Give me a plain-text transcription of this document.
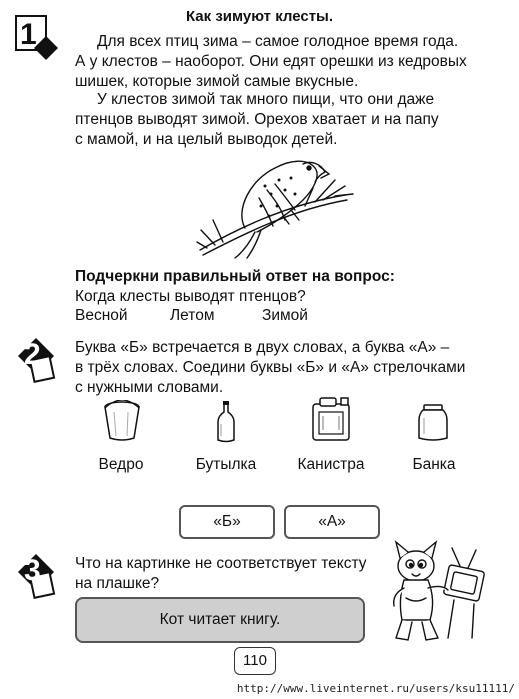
1
Как зимуют клесты.

Для всех птиц зима – самое голодное время года.

А у клестов – наоборот. Они едят орешки из кедровых
шишек, которые зимой самые вкусные.

У клестов зимой так много пищи, что они даже

птенцов выводят зимой. Орехов хватает и на папу
с мамой, и на целый выводок детей.
Подчеркни правильный ответ на вопрос:
Когда клесты выводят птенцов?
Весной	Летом	Зимой
2 Буква «Б» встречается в двух словах, а буква «А» –
в трёх словах. Соедини буквы «Б» и «А» стрелочками
с нужными словами.
Ведро	Бутылка	Канистра	Банка
«Б»	«А»
3 Что на картинке не соответствует тексту
на плашке?
Кот читает книгу.
110
http://www.liveinternet.ru/users/ksu11111/
